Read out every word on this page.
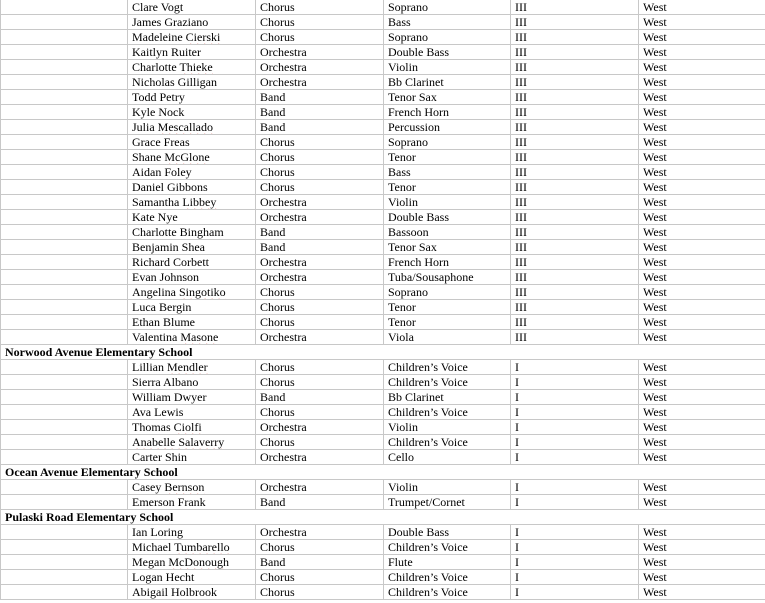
	Clare Vogt	Chorus	Soprano	III	West
	James Graziano	Chorus	Bass	III	West
	Madeleine Cierski	Chorus	Soprano	III	West
	Kaitlyn Ruiter	Orchestra	Double Bass	III	West
	Charlotte Thieke	Orchestra	Violin	III	West
	Nicholas Gilligan	Orchestra	Bb Clarinet	III	West
	Todd Petry	Band	Tenor Sax	III	West
	Kyle Nock	Band	French Horn	III	West
	Julia Mescallado	Band	Percussion	III	West
	Grace Freas	Chorus	Soprano	III	West
	Shane McGlone	Chorus	Tenor	III	West
	Aidan Foley	Chorus	Bass	III	West
	Daniel Gibbons	Chorus	Tenor	III	West
	Samantha Libbey	Orchestra	Violin	III	West
	Kate Nye	Orchestra	Double Bass	III	West
	Charlotte Bingham	Band	Bassoon	III	West
	Benjamin Shea	Band	Tenor Sax	III	West
	Richard Corbett	Orchestra	French Horn	III	West
	Evan Johnson	Orchestra	Tuba/Sousaphone	III	West
	Angelina Singotiko	Chorus	Soprano	III	West
	Luca Bergin	Chorus	Tenor	III	West
	Ethan Blume	Chorus	Tenor	III	West
	Valentina Masone	Orchestra	Viola	III	West
Norwood Avenue Elementary School					
	Lillian Mendler	Chorus	Children’s Voice	I	West
	Sierra Albano	Chorus	Children’s Voice	I	West
	William Dwyer	Band	Bb Clarinet	I	West
	Ava Lewis	Chorus	Children’s Voice	I	West
	Thomas Ciolfi	Orchestra	Violin	I	West
	Anabelle Salaverry	Chorus	Children’s Voice	I	West
	Carter Shin	Orchestra	Cello	I	West
Ocean Avenue Elementary School					
	Casey Bernson	Orchestra	Violin	I	West
	Emerson Frank	Band	Trumpet/Cornet	I	West
Pulaski Road Elementary School					
	Ian Loring	Orchestra	Double Bass	I	West
	Michael Tumbarello	Chorus	Children’s Voice	I	West
	Megan McDonough	Band	Flute	I	West
	Logan Hecht	Chorus	Children’s Voice	I	West
	Abigail Holbrook	Chorus	Children’s Voice	I	West
